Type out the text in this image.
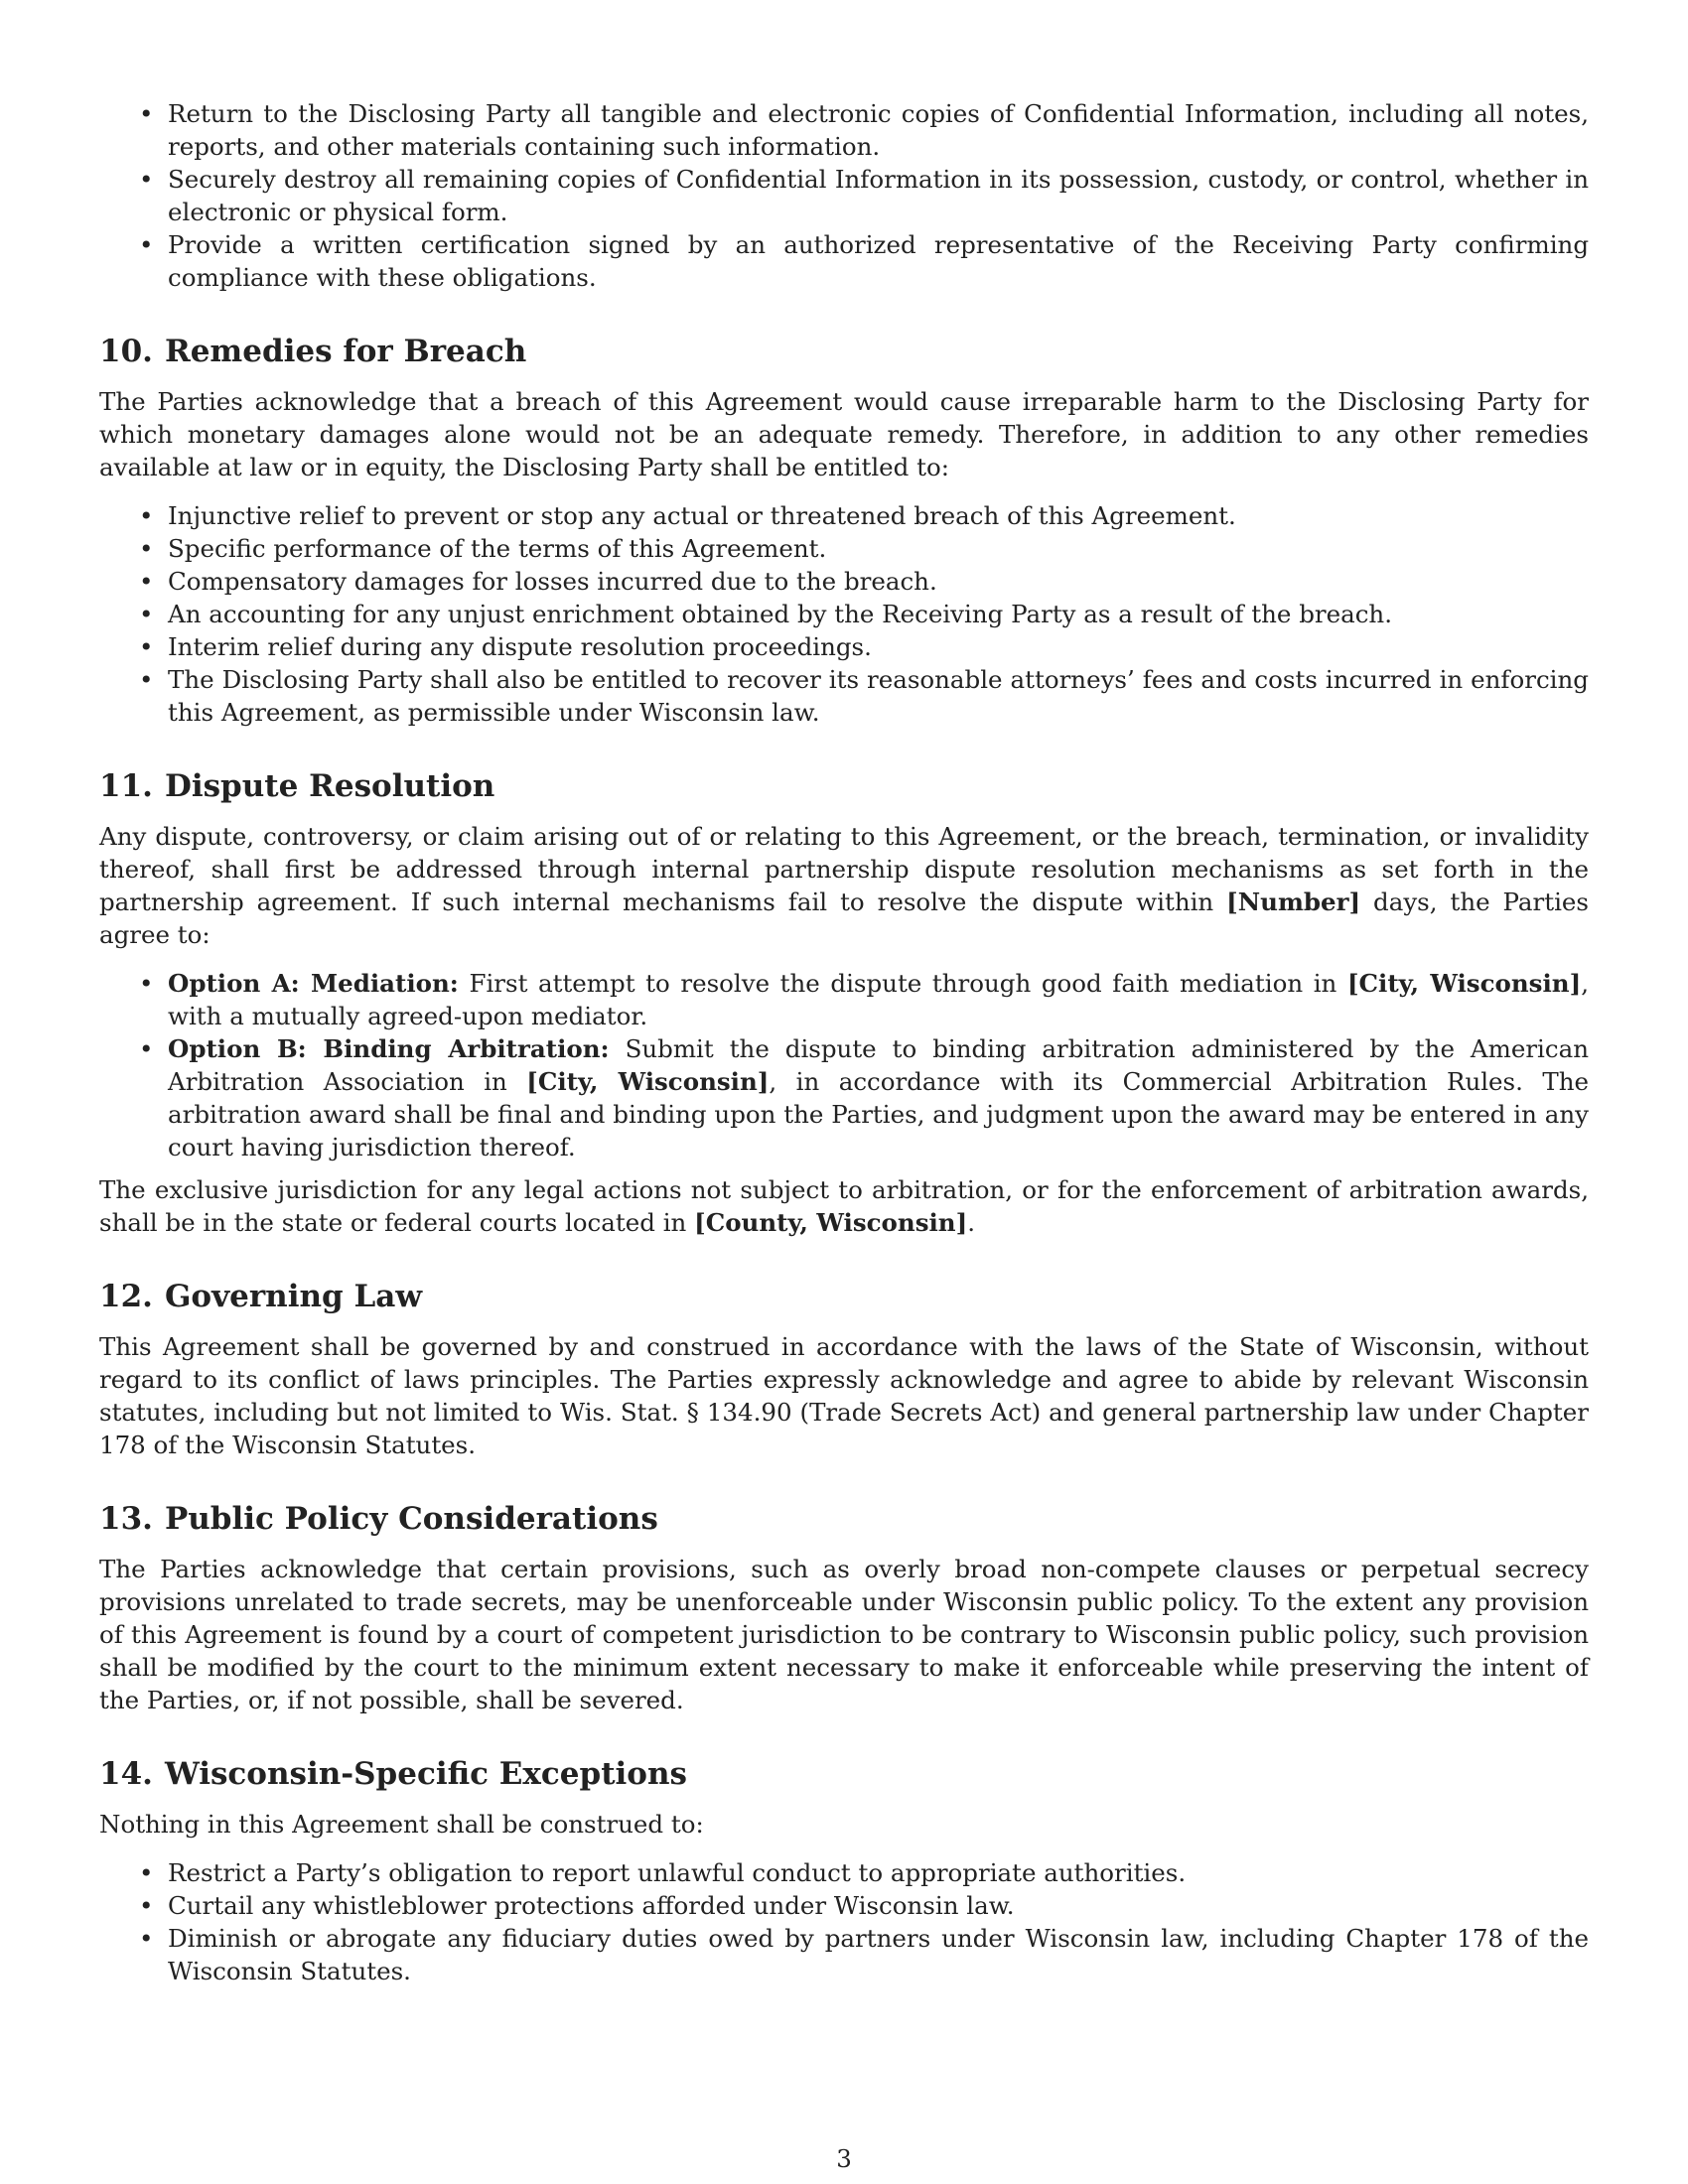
• Return to the Disclosing Party all tangible and electronic copies of Confidential Information, including all notes, reports, and other materials containing such information.
• Securely destroy all remaining copies of Confidential Information in its possession, custody, or control, whether in electronic or physical form.
• Provide a written certification signed by an authorized representative of the Receiving Party confirming compliance with these obligations.
10. Remedies for Breach

The Parties acknowledge that a breach of this Agreement would cause irreparable harm to the Disclosing Party for which monetary damages alone would not be an adequate remedy. Therefore, in addition to any other remedies available at law or in equity, the Disclosing Party shall be entitled to:

• Injunctive relief to prevent or stop any actual or threatened breach of this Agreement.
• Specific performance of the terms of this Agreement.
• Compensatory damages for losses incurred due to the breach.
• An accounting for any unjust enrichment obtained by the Receiving Party as a result of the breach.
• Interim relief during any dispute resolution proceedings.
• The Disclosing Party shall also be entitled to recover its reasonable attorneys’ fees and costs incurred in enforcing this Agreement, as permissible under Wisconsin law.
11. Dispute Resolution

Any dispute, controversy, or claim arising out of or relating to this Agreement, or the breach, termination, or invalidity thereof, shall first be addressed through internal partnership dispute resolution mechanisms as set forth in the partnership agreement. If such internal mechanisms fail to resolve the dispute within [Number] days, the Parties agree to:

• Option A: Mediation: First attempt to resolve the dispute through good faith mediation in [City, Wisconsin], with a mutually agreed-upon mediator.
• Option B: Binding Arbitration: Submit the dispute to binding arbitration administered by the American Arbitration Association in [City, Wisconsin], in accordance with its Commercial Arbitration Rules. The arbitration award shall be final and binding upon the Parties, and judgment upon the award may be entered in any court having jurisdiction thereof.

The exclusive jurisdiction for any legal actions not subject to arbitration, or for the enforcement of arbitration awards, shall be in the state or federal courts located in [County, Wisconsin].

12. Governing Law

This Agreement shall be governed by and construed in accordance with the laws of the State of Wisconsin, without regard to its conflict of laws principles. The Parties expressly acknowledge and agree to abide by relevant Wisconsin statutes, including but not limited to Wis. Stat. § 134.90 (Trade Secrets Act) and general partnership law under Chapter 178 of the Wisconsin Statutes.

13. Public Policy Considerations

The Parties acknowledge that certain provisions, such as overly broad non-compete clauses or perpetual secrecy provisions unrelated to trade secrets, may be unenforceable under Wisconsin public policy. To the extent any provision of this Agreement is found by a court of competent jurisdiction to be contrary to Wisconsin public policy, such provision shall be modified by the court to the minimum extent necessary to make it enforceable while preserving the intent of the Parties, or, if not possible, shall be severed.

14. Wisconsin-Specific Exceptions

Nothing in this Agreement shall be construed to:

• Restrict a Party’s obligation to report unlawful conduct to appropriate authorities.
• Curtail any whistleblower protections afforded under Wisconsin law.
• Diminish or abrogate any fiduciary duties owed by partners under Wisconsin law, including Chapter 178 of the Wisconsin Statutes.
3
